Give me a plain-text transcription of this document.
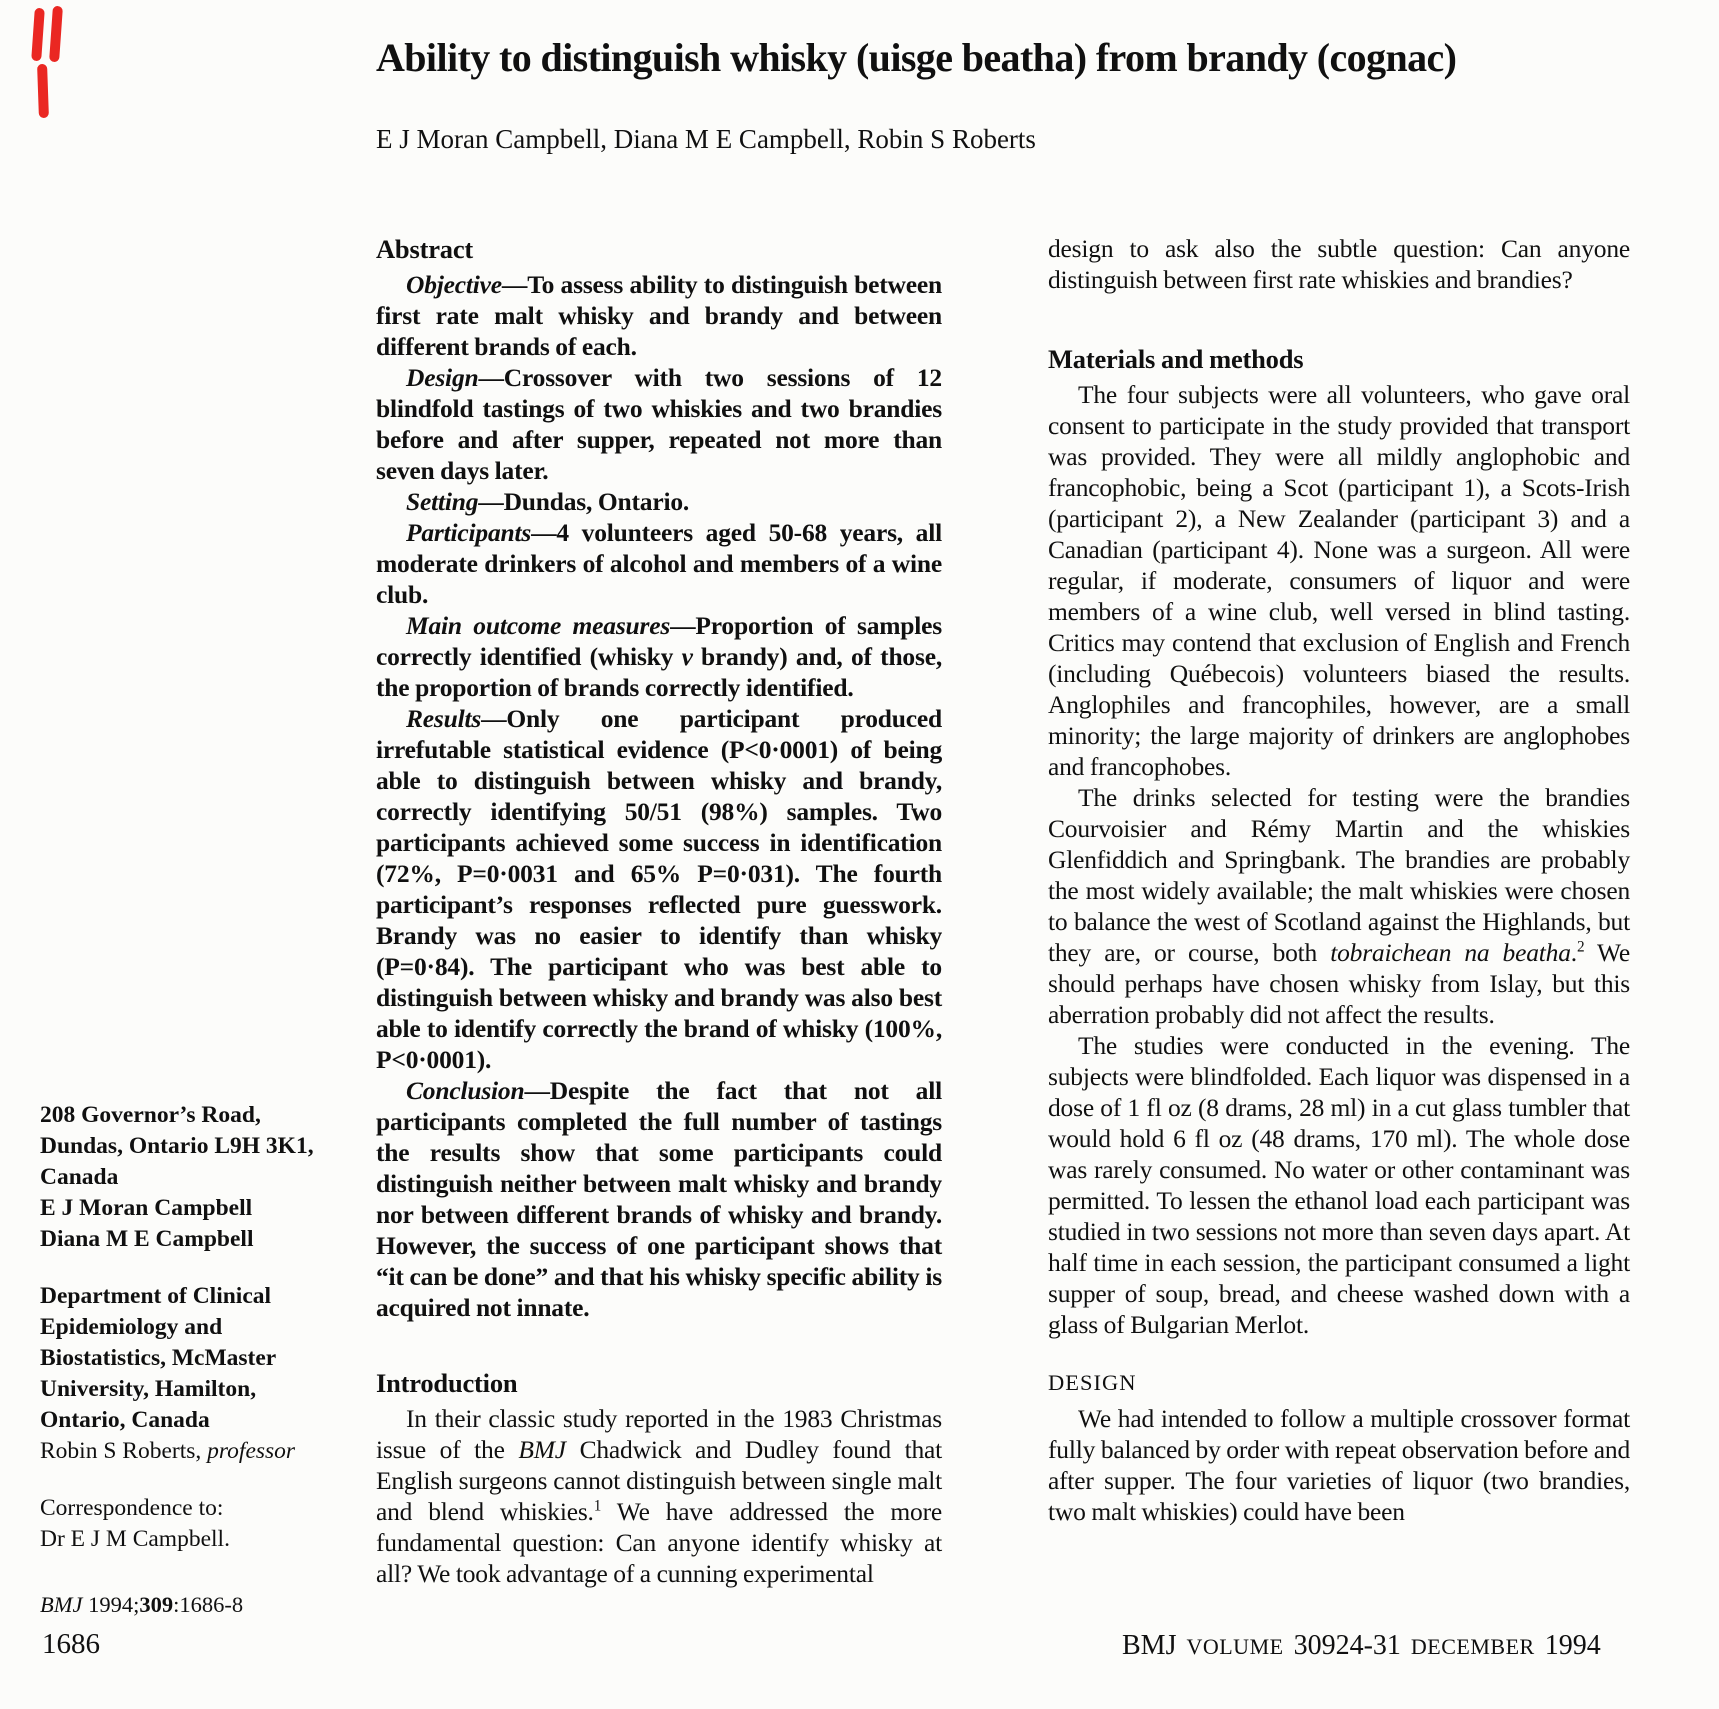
Ability to distinguish whisky (uisge beatha) from brandy (cognac)
E J Moran Campbell, Diana M E Campbell, Robin S Roberts
208 Governor’s Road,
Dundas, Ontario L9H 3K1,
Canada
E J Moran Campbell
Diana M E Campbell
Department of Clinical
Epidemiology and
Biostatistics, McMaster
University, Hamilton,
Ontario, Canada
Robin S Roberts, professor
Correspondence to:
Dr E J M Campbell.
BMJ 1994;309:1686-8
Abstract

Objective—To assess ability to distinguish between first rate malt whisky and brandy and between different brands of each.

Design—Crossover with two sessions of 12 blindfold tastings of two whiskies and two brandies before and after supper, repeated not more than seven days later.

Setting—Dundas, Ontario.

Participants—4 volunteers aged 50-68 years, all moderate drinkers of alcohol and members of a wine club.

Main outcome measures—Proportion of samples correctly identified (whisky v brandy) and, of those, the proportion of brands correctly identified.

Results—Only one participant produced irrefutable statistical evidence (P<0·0001) of being able to distinguish between whisky and brandy, correctly identifying 50/51 (98%) samples. Two participants achieved some success in identification (72%, P=0·0031 and 65% P=0·031). The fourth participant’s responses reflected pure guesswork. Brandy was no easier to identify than whisky (P=0·84). The participant who was best able to distinguish between whisky and brandy was also best able to identify correctly the brand of whisky (100%, P<0·0001).

Conclusion—Despite the fact that not all participants completed the full number of tastings the results show that some participants could distinguish neither between malt whisky and brandy nor between different brands of whisky and brandy. However, the success of one participant shows that “it can be done” and that his whisky specific ability is acquired not innate.

Introduction

In their classic study reported in the 1983 Christmas issue of the BMJ Chadwick and Dudley found that English surgeons cannot distinguish between single malt and blend whiskies.$^1$ We have addressed the more fundamental question: Can anyone identify whisky at all? We took advantage of a cunning experimental

design to ask also the subtle question: Can anyone distinguish between first rate whiskies and brandies?

Materials and methods

The four subjects were all volunteers, who gave oral consent to participate in the study provided that transport was provided. They were all mildly anglophobic and francophobic, being a Scot (participant 1), a Scots-Irish (participant 2), a New Zealander (participant 3) and a Canadian (participant 4). None was a surgeon. All were regular, if moderate, consumers of liquor and were members of a wine club, well versed in blind tasting. Critics may contend that exclusion of English and French (including Québecois) volunteers biased the results. Anglophiles and francophiles, however, are a small minority; the large majority of drinkers are anglophobes and francophobes.

The drinks selected for testing were the brandies Courvoisier and Rémy Martin and the whiskies Glenfiddich and Springbank. The brandies are probably the most widely available; the malt whiskies were chosen to balance the west of Scotland against the Highlands, but they are, or course, both tobraichean na beatha.$^2$ We should perhaps have chosen whisky from Islay, but this aberration probably did not affect the results.

The studies were conducted in the evening. The subjects were blindfolded. Each liquor was dispensed in a dose of 1 fl oz (8 drams, 28 ml) in a cut glass tumbler that would hold 6 fl oz (48 drams, 170 ml). The whole dose was rarely consumed. No water or other contaminant was permitted. To lessen the ethanol load each participant was studied in two sessions not more than seven days apart. At half time in each session, the participant consumed a light supper of soup, bread, and cheese washed down with a glass of Bulgarian Merlot.

DESIGN

We had intended to follow a multiple crossover format fully balanced by order with repeat observation before and after supper. The four varieties of liquor (two brandies, two malt whiskies) could have been

1686	BMJ VOLUME 309 24-31 DECEMBER 1994
